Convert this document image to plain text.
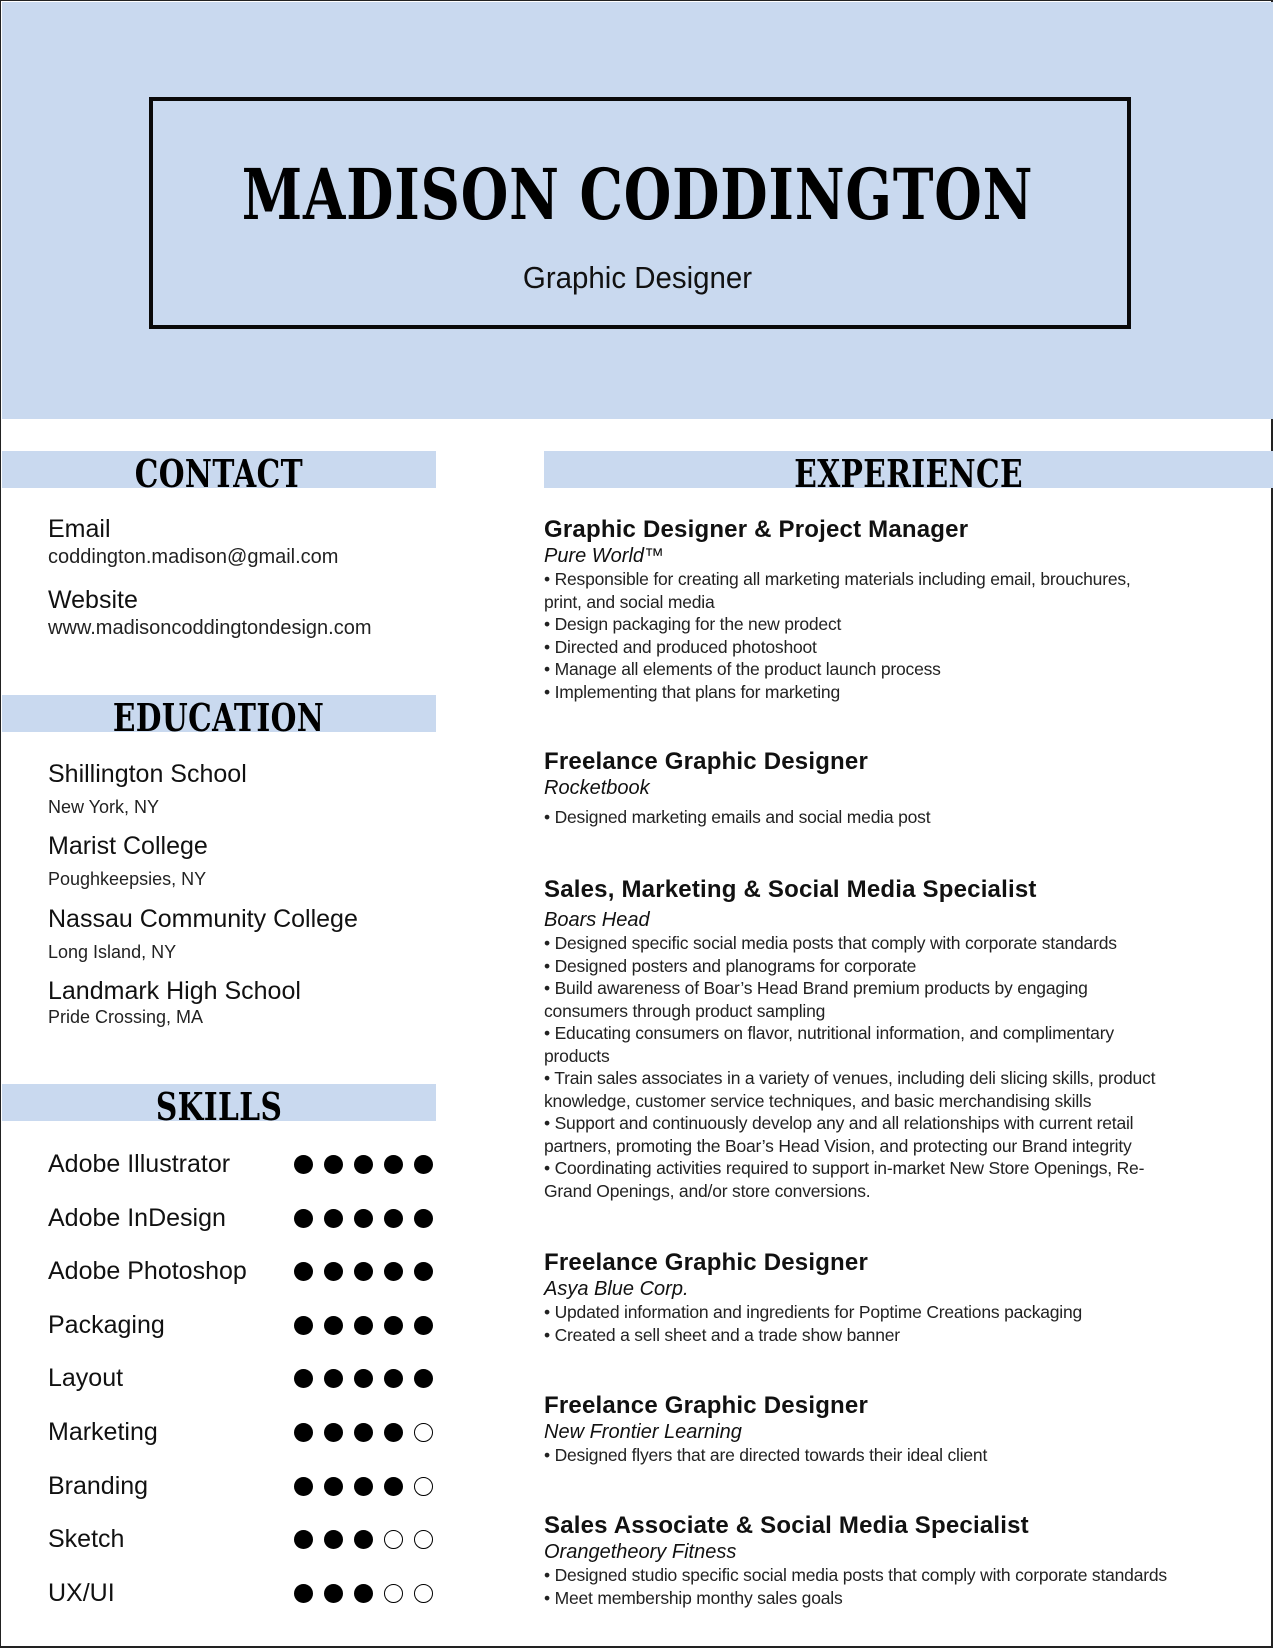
MADISON CODDINGTON
Graphic Designer
CONTACT
Email
coddington.madison@gmail.com
Website
www.madisoncoddingtondesign.com
EDUCATION
Shillington School
New York, NY
Marist College
Poughkeepsies, NY
Nassau Community College
Long Island, NY
Landmark High School
Pride Crossing, MA
SKILLS
Adobe Illustrator
Adobe InDesign
Adobe Photoshop
Packaging
Layout
Marketing
Branding
Sketch
UX/UI
EXPERIENCE
Graphic Designer & Project Manager
Pure World™
• Responsible for creating all marketing materials including email, brouchures,
print, and social media
• Design packaging for the new prodect
• Directed and produced photoshoot
• Manage all elements of the product launch process
• Implementing that plans for marketing
Freelance Graphic Designer
Rocketbook
• Designed marketing emails and social media post
Sales, Marketing & Social Media Specialist
Boars Head
• Designed specific social media posts that comply with corporate standards
• Designed posters and planograms for corporate
• Build awareness of Boar’s Head Brand premium products by engaging
consumers through product sampling
• Educating consumers on flavor, nutritional information, and complimentary
products
• Train sales associates in a variety of venues, including deli slicing skills, product
knowledge, customer service techniques, and basic merchandising skills
• Support and continuously develop any and all relationships with current retail
partners, promoting the Boar’s Head Vision, and protecting our Brand integrity
• Coordinating activities required to support in-market New Store Openings, Re-
Grand Openings, and/or store conversions.
Freelance Graphic Designer
Asya Blue Corp.
• Updated information and ingredients for Poptime Creations packaging
• Created a sell sheet and a trade show banner
Freelance Graphic Designer
New Frontier Learning
• Designed flyers that are directed towards their ideal client
Sales Associate & Social Media Specialist
Orangetheory Fitness
• Designed studio specific social media posts that comply with corporate standards
• Meet membership monthy sales goals
